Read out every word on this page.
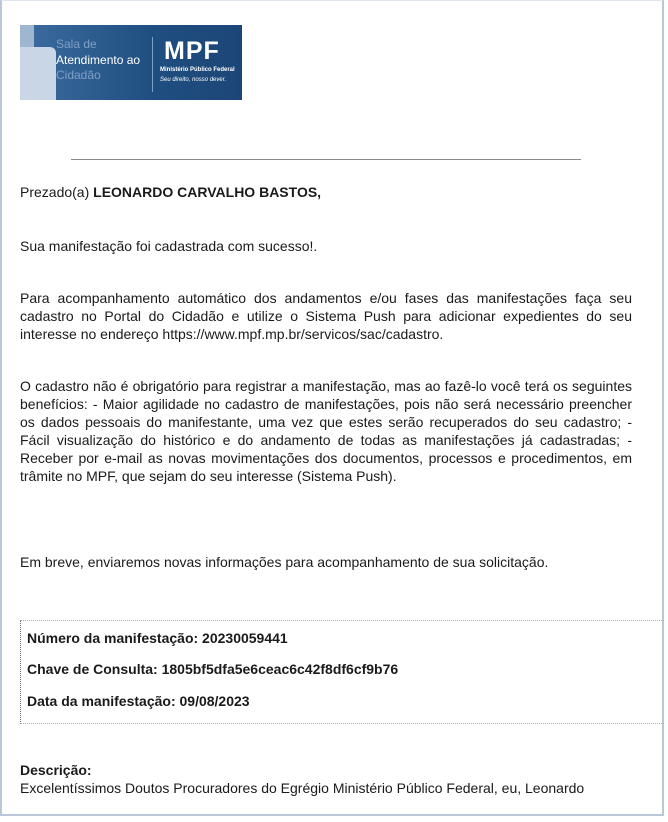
Sala de
Atendimento ao
Cidadão
MPF
Ministério Público Federal
Seu direito, nosso dever.
Prezado(a) LEONARDO CARVALHO BASTOS,
Sua manifestação foi cadastrada com sucesso!.
Para acompanhamento automático dos andamentos e/ou fases das manifestações faça seu cadastro no Portal do Cidadão e utilize o Sistema Push para adicionar expedientes do seu interesse no endereço https://www.mpf.mp.br/servicos/sac/cadastro.
O cadastro não é obrigatório para registrar a manifestação, mas ao fazê-lo você terá os seguintes benefícios: - Maior agilidade no cadastro de manifestações, pois não será necessário preencher os dados pessoais do manifestante, uma vez que estes serão recuperados do seu cadastro; - Fácil visualização do histórico e do andamento de todas as manifestações já cadastradas; - Receber por e-mail as novas movimentações dos documentos, processos e procedimentos, em trâmite no MPF, que sejam do seu interesse (Sistema Push).
Em breve, enviaremos novas informações para acompanhamento de sua solicitação.
Número da manifestação: 20230059441
Chave de Consulta: 1805bf5dfa5e6ceac6c42f8df6cf9b76
Data da manifestação: 09/08/2023
Descrição:
Excelentíssimos Doutos Procuradores do Egrégio Ministério Público Federal, eu, Leonardo
